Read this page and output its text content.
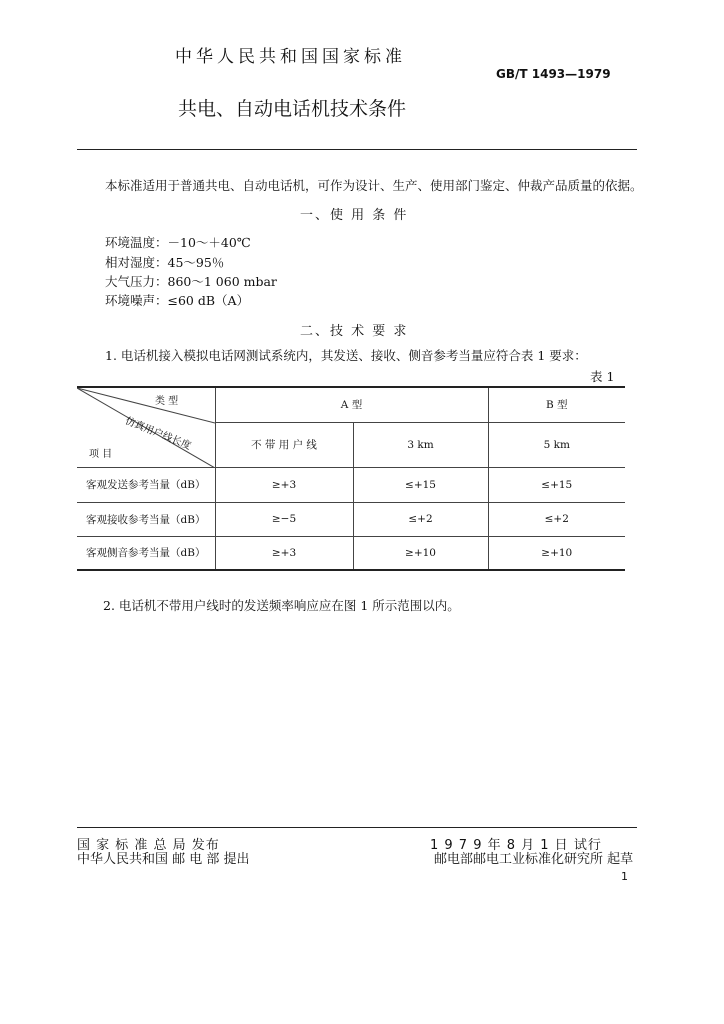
中华人民共和国国家标准
GB/T 1493—1979
共电、自动电话机技术条件
本标准适用于普通共电、自动电话机，可作为设计、生产、使用部门鉴定、仲裁产品质量的依据。
一、使 用 条 件
环境温度：－10～＋40℃
相对湿度：45～95％
大气压力：860～1 060 mbar
环境噪声：≤60 dB（A）
二、技 术 要 求
1. 电话机接入模拟电话网测试系统内，其发送、接收、侧音参考当量应符合表 1 要求：
表 1
类 型
仿真用户线长度
项 目	A 型		B 型
	不 带 用 户 线	3 km	5 km
客观发送参考当量（dB）	≥+3	≤+15	≤+15
客观接收参考当量（dB）	≥−5	≤+2	≤+2
客观侧音参考当量（dB）	≥+3	≥+10	≥+10
2. 电话机不带用户线时的发送频率响应应在图 1 所示范围以内。
国 家 标 准 总 局 发布
中华人民共和国 邮 电 部 提出
1 9 7 9 年 8 月 1 日 试行
邮电部邮电工业标准化研究所 起草
1
